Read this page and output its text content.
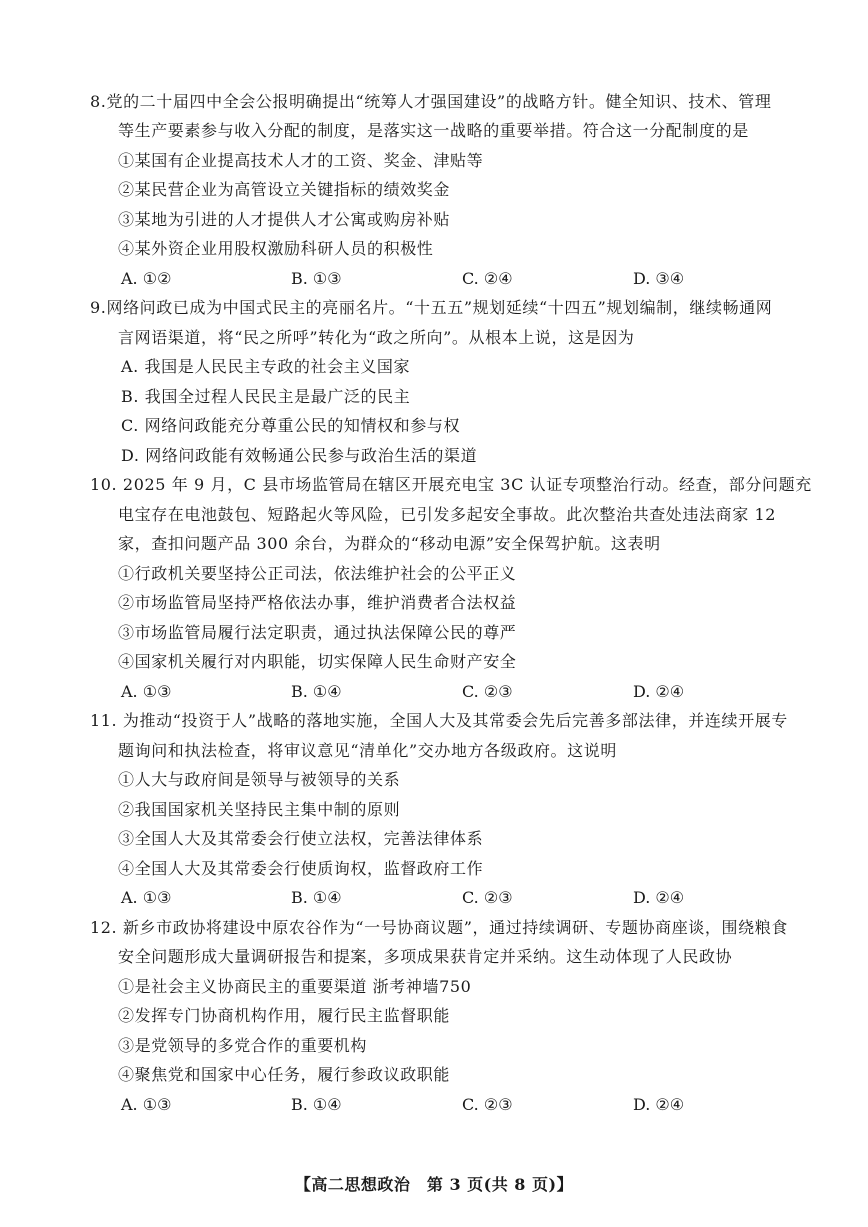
8.党的二十届四中全会公报明确提出“统筹人才强国建设”的战略方针。健全知识、技术、管理
等生产要素参与收入分配的制度，是落实这一战略的重要举措。符合这一分配制度的是
①某国有企业提高技术人才的工资、奖金、津贴等
②某民营企业为高管设立关键指标的绩效奖金
③某地为引进的人才提供人才公寓或购房补贴
④某外资企业用股权激励科研人员的积极性
A. ①②	B. ①③	C. ②④	D. ③④
9.网络问政已成为中国式民主的亮丽名片。“十五五”规划延续“十四五”规划编制，继续畅通网
言网语渠道，将“民之所呼”转化为“政之所向”。从根本上说，这是因为
A. 我国是人民民主专政的社会主义国家
B. 我国全过程人民民主是最广泛的民主
C. 网络问政能充分尊重公民的知情权和参与权
D. 网络问政能有效畅通公民参与政治生活的渠道
10. 2025 年 9 月，C 县市场监管局在辖区开展充电宝 3C 认证专项整治行动。经查，部分问题充
电宝存在电池鼓包、短路起火等风险，已引发多起安全事故。此次整治共查处违法商家 12
家，查扣问题产品 300 余台，为群众的“移动电源”安全保驾护航。这表明
①行政机关要坚持公正司法，依法维护社会的公平正义
②市场监管局坚持严格依法办事，维护消费者合法权益
③市场监管局履行法定职责，通过执法保障公民的尊严
④国家机关履行对内职能，切实保障人民生命财产安全
A. ①③	B. ①④	C. ②③	D. ②④
11. 为推动“投资于人”战略的落地实施，全国人大及其常委会先后完善多部法律，并连续开展专
题询问和执法检查，将审议意见“清单化”交办地方各级政府。这说明
①人大与政府间是领导与被领导的关系
②我国国家机关坚持民主集中制的原则
③全国人大及其常委会行使立法权，完善法律体系
④全国人大及其常委会行使质询权，监督政府工作
A. ①③	B. ①④	C. ②③	D. ②④
12. 新乡市政协将建设中原农谷作为“一号协商议题”，通过持续调研、专题协商座谈，围绕粮食
安全问题形成大量调研报告和提案，多项成果获肯定并采纳。这生动体现了人民政协
①是社会主义协商民主的重要渠道 浙考神墙750
②发挥专门协商机构作用，履行民主监督职能
③是党领导的多党合作的重要机构
④聚焦党和国家中心任务，履行参政议政职能
A. ①③	B. ①④	C. ②③	D. ②④
【高二思想政治　第 3 页(共 8 页)】
